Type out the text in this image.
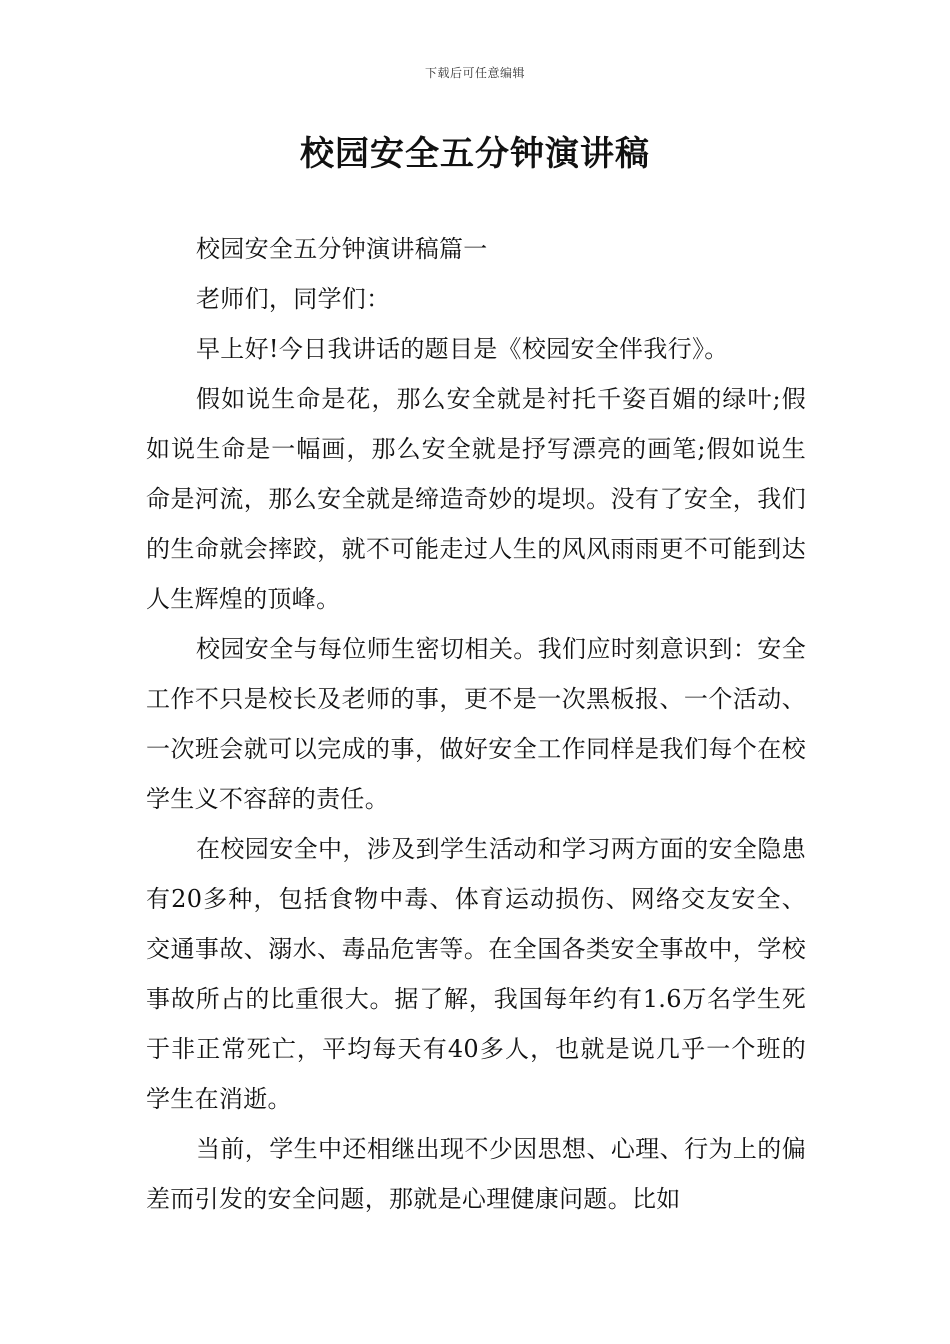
下载后可任意编辑
校园安全五分钟演讲稿

校园安全五分钟演讲稿篇一

老师们，同学们：

早上好!今日我讲话的题目是《校园安全伴我行》。

假如说生命是花，那么安全就是衬托千姿百媚的绿叶;假如说生命是一幅画，那么安全就是抒写漂亮的画笔;假如说生命是河流，那么安全就是缔造奇妙的堤坝。没有了安全，我们的生命就会摔跤，就不可能走过人生的风风雨雨更不可能到达人生辉煌的顶峰。

校园安全与每位师生密切相关。我们应时刻意识到：安全工作不只是校长及老师的事，更不是一次黑板报、一个活动、一次班会就可以完成的事，做好安全工作同样是我们每个在校学生义不容辞的责任。

在校园安全中，涉及到学生活动和学习两方面的安全隐患有20多种，包括食物中毒、体育运动损伤、网络交友安全、交通事故、溺水、毒品危害等。在全国各类安全事故中，学校事故所占的比重很大。据了解，我国每年约有1.6万名学生死于非正常死亡，平均每天有40多人，也就是说几乎一个班的学生在消逝。

当前，学生中还相继出现不少因思想、心理、行为上的偏差而引发的安全问题，那就是心理健康问题。比如
